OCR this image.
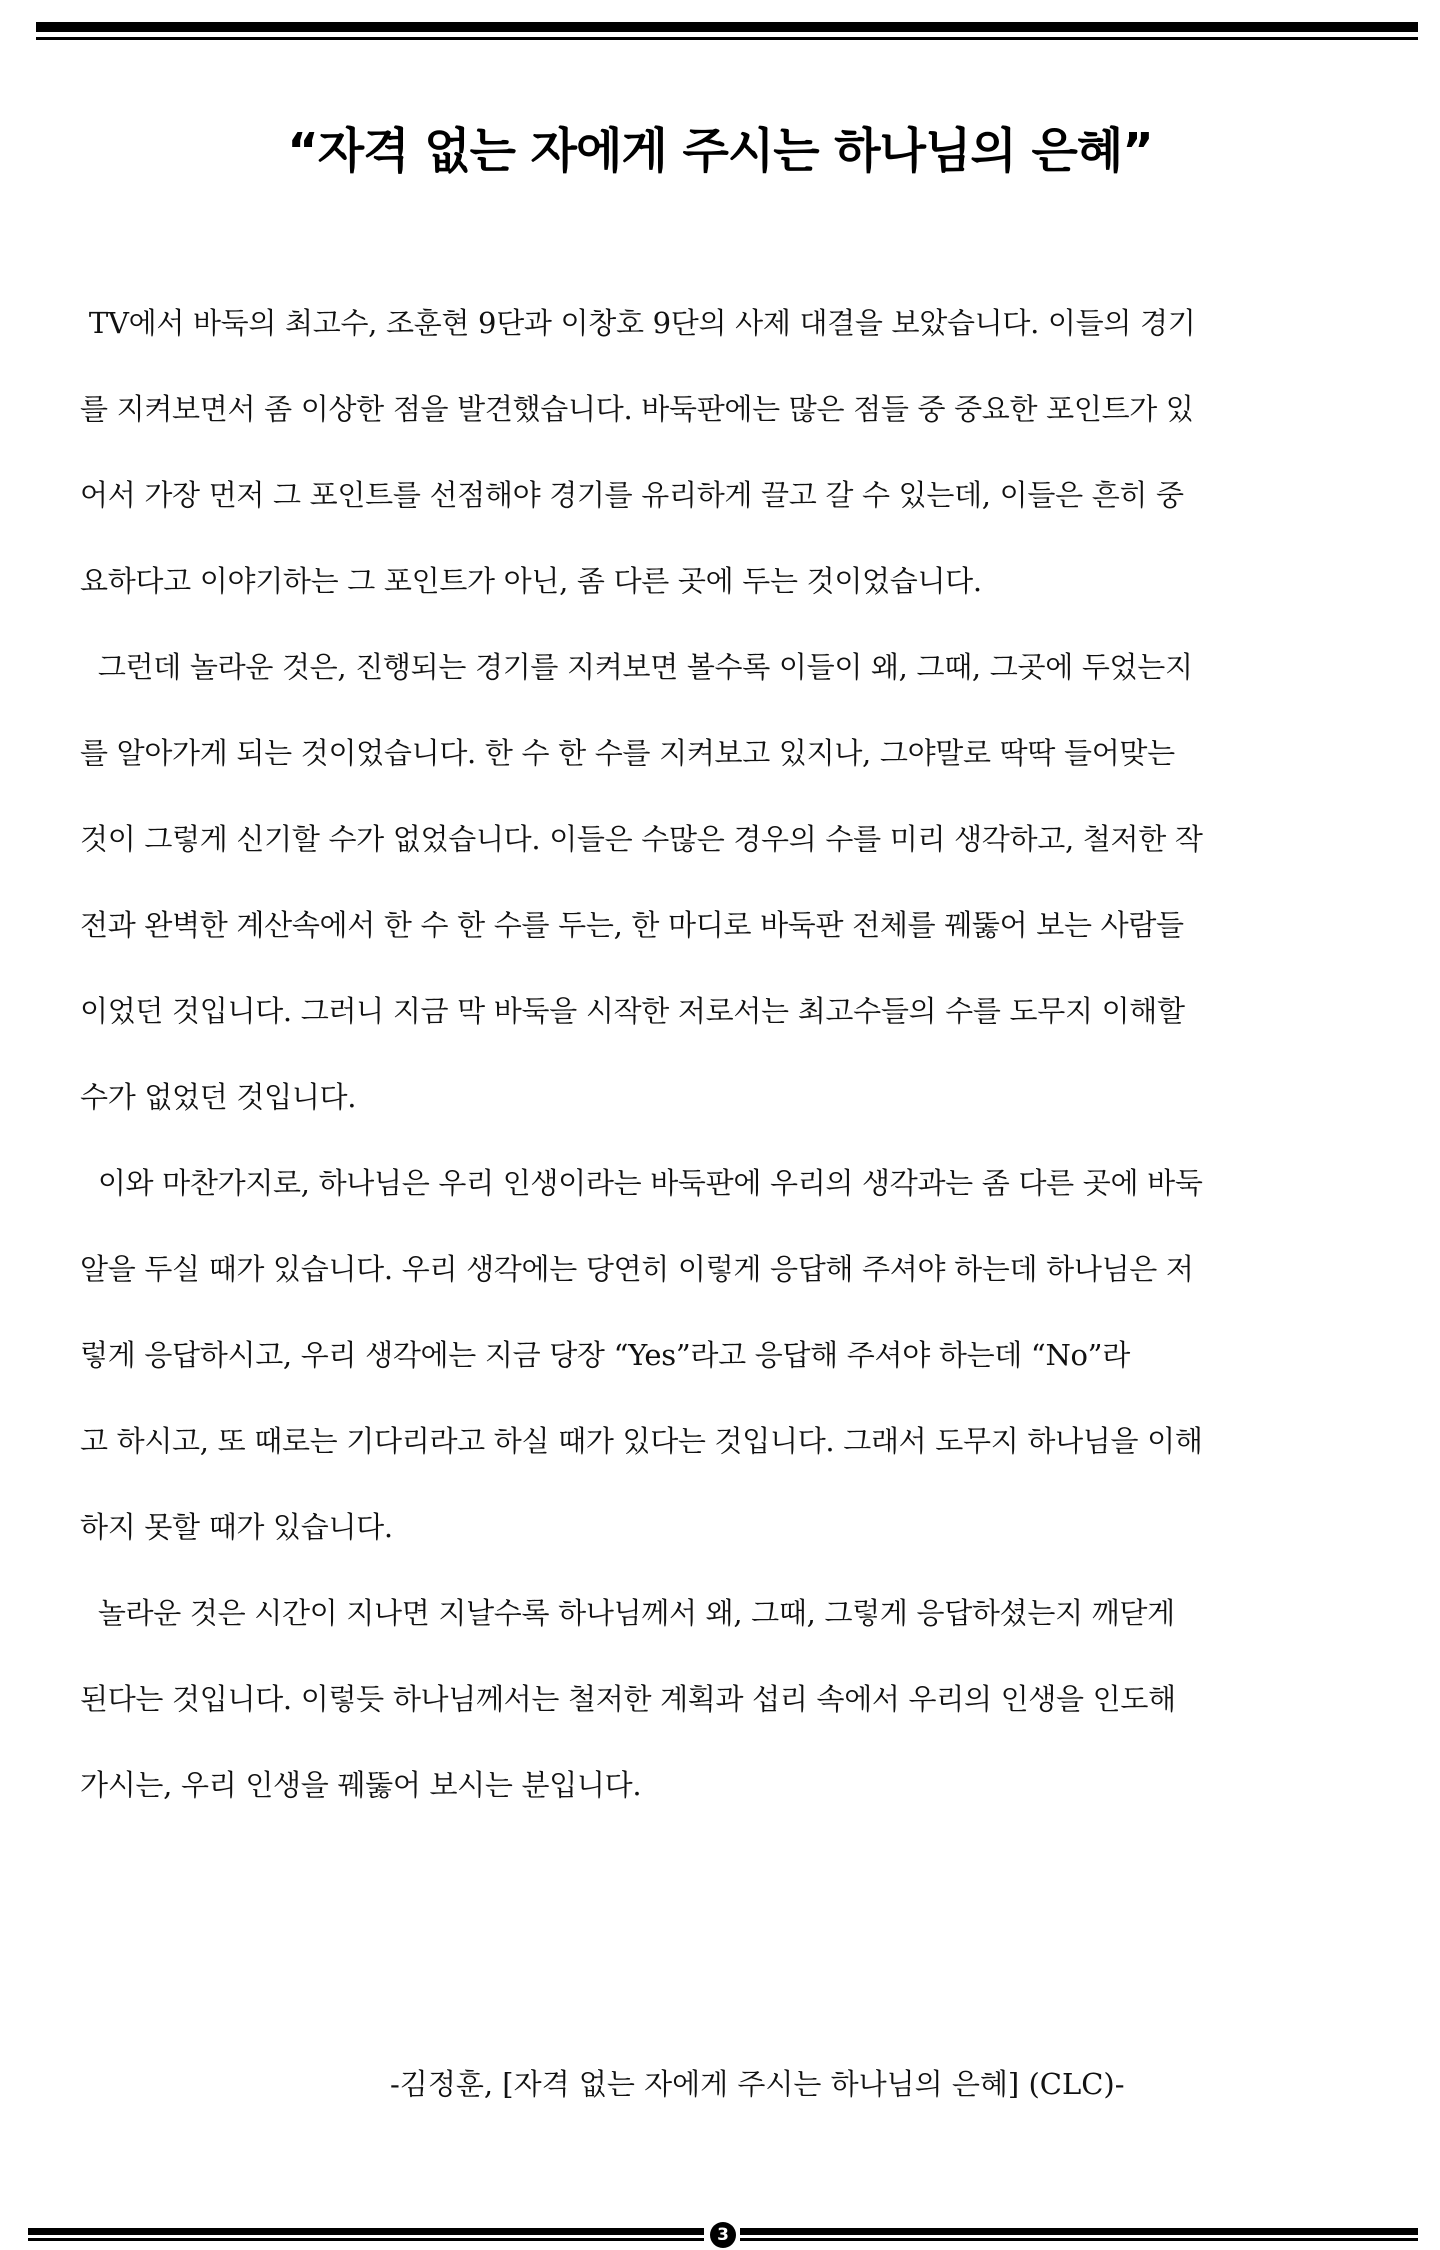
“자격 없는 자에게 주시는 하나님의 은혜”
TV에서 바둑의 최고수, 조훈현 9단과 이창호 9단의 사제 대결을 보았습니다. 이들의 경기
를 지켜보면서 좀 이상한 점을 발견했습니다. 바둑판에는 많은 점들 중 중요한 포인트가 있
어서 가장 먼저 그 포인트를 선점해야 경기를 유리하게 끌고 갈 수 있는데, 이들은 흔히 중
요하다고 이야기하는 그 포인트가 아닌, 좀 다른 곳에 두는 것이었습니다.
그런데 놀라운 것은, 진행되는 경기를 지켜보면 볼수록 이들이 왜, 그때, 그곳에 두었는지
를 알아가게 되는 것이었습니다. 한 수 한 수를 지켜보고 있지나, 그야말로 딱딱 들어맞는
것이 그렇게 신기할 수가 없었습니다. 이들은 수많은 경우의 수를 미리 생각하고, 철저한 작
전과 완벽한 계산속에서 한 수 한 수를 두는, 한 마디로 바둑판 전체를 꿰뚫어 보는 사람들
이었던 것입니다. 그러니 지금 막 바둑을 시작한 저로서는 최고수들의 수를 도무지 이해할
수가 없었던 것입니다.
이와 마찬가지로, 하나님은 우리 인생이라는 바둑판에 우리의 생각과는 좀 다른 곳에 바둑
알을 두실 때가 있습니다. 우리 생각에는 당연히 이렇게 응답해 주셔야 하는데 하나님은 저
렇게 응답하시고, 우리 생각에는 지금 당장 “Yes”라고 응답해 주셔야 하는데 “No”라
고 하시고, 또 때로는 기다리라고 하실 때가 있다는 것입니다. 그래서 도무지 하나님을 이해
하지 못할 때가 있습니다.
놀라운 것은 시간이 지나면 지날수록 하나님께서 왜, 그때, 그렇게 응답하셨는지 깨닫게
된다는 것입니다. 이렇듯 하나님께서는 철저한 계획과 섭리 속에서 우리의 인생을 인도해
가시는, 우리 인생을 꿰뚫어 보시는 분입니다.
-김정훈, [자격 없는 자에게 주시는 하나님의 은혜] (CLC)-
3
